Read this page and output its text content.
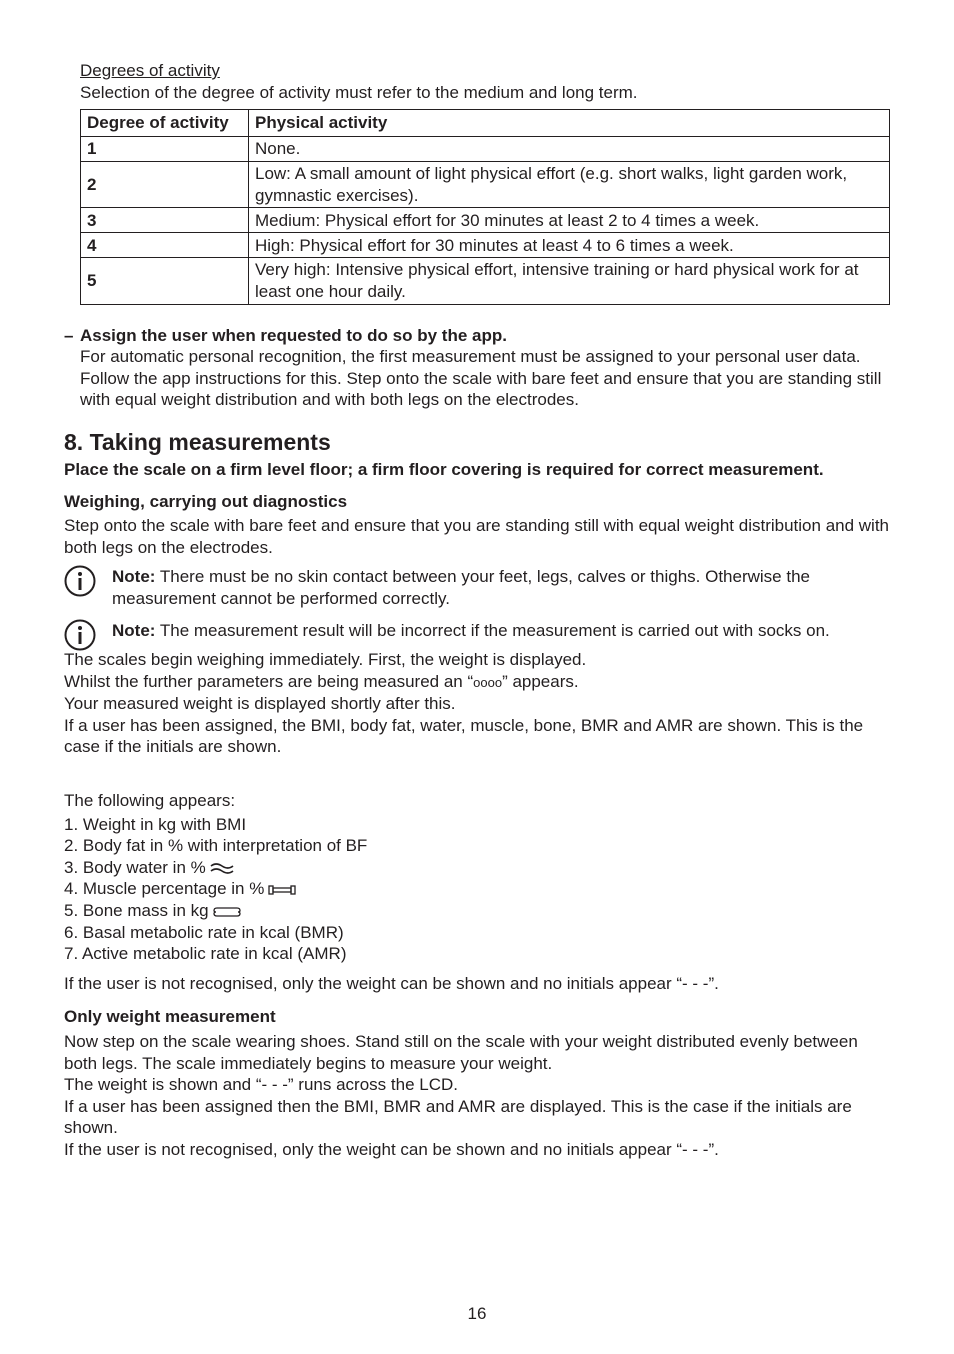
Degrees of activity
Selection of the degree of activity must refer to the medium and long term.
Degree of activity	Physical activity
1	None.
2	Low: A small amount of light physical effort (e.g. short walks, light garden work, gymnastic exercises).
3	Medium: Physical effort for 30 minutes at least 2 to 4 times a week.
4	High: Physical effort for 30 minutes at least 4 to 6 times a week.
5	Very high: Intensive physical effort, intensive training or hard physical work for at least one hour daily.
– Assign the user when requested to do so by the app.
For automatic personal recognition, the first measurement must be assigned to your personal user data. Follow the app instructions for this. Step onto the scale with bare feet and ensure that you are standing still with equal weight distribution and with both legs on the electrodes.
8. Taking measurements
Place the scale on a firm level floor; a firm floor covering is required for correct measurement.
Weighing, carrying out diagnostics
Step onto the scale with bare feet and ensure that you are standing still with equal weight distribution and with both legs on the electrodes.
Note: There must be no skin contact between your feet, legs, calves or thighs. Otherwise the measurement cannot be performed correctly.
Note: The measurement result will be incorrect if the measurement is carried out with socks on.
The scales begin weighing immediately. First, the weight is displayed.
Whilst the further parameters are being measured an “oooo” appears.
Your measured weight is displayed shortly after this.
If a user has been assigned, the BMI, body fat, water, muscle, bone, BMR and AMR are shown. This is the case if the initials are shown.
The following appears:
1. Weight in kg with BMI
2. Body fat in % with interpretation of BF
3. Body water in %
4. Muscle percentage in %
5. Bone mass in kg
6. Basal metabolic rate in kcal (BMR)
7. Active metabolic rate in kcal (AMR)
If the user is not recognised, only the weight can be shown and no initials appear “- - -”.
Only weight measurement
Now step on the scale wearing shoes. Stand still on the scale with your weight distributed evenly between both legs. The scale immediately begins to measure your weight.
The weight is shown and “- - -” runs across the LCD.
If a user has been assigned then the BMI, BMR and AMR are displayed. This is the case if the initials are shown.
If the user is not recognised, only the weight can be shown and no initials appear “- - -”.
16
